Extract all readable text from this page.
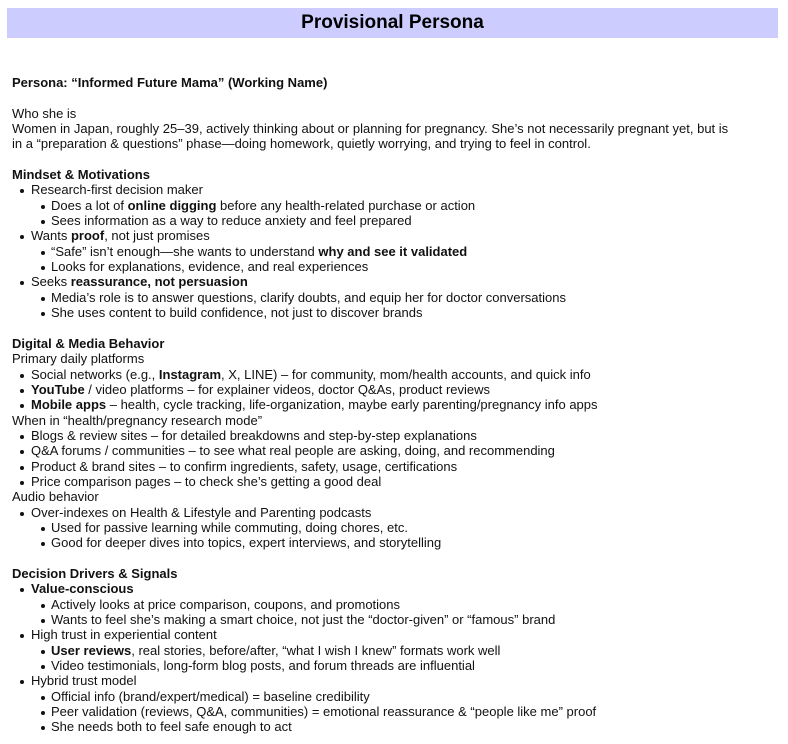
Provisional Persona
Persona: “Informed Future Mama” (Working Name)
Who she is
Women in Japan, roughly 25–39, actively thinking about or planning for pregnancy. She’s not necessarily pregnant yet, but is
in a “preparation & questions” phase—doing homework, quietly worrying, and trying to feel in control.
Mindset & Motivations
Research-first decision maker
Does a lot of online digging before any health-related purchase or action
Sees information as a way to reduce anxiety and feel prepared
Wants proof, not just promises
“Safe” isn’t enough—she wants to understand why and see it validated
Looks for explanations, evidence, and real experiences
Seeks reassurance, not persuasion
Media’s role is to answer questions, clarify doubts, and equip her for doctor conversations
She uses content to build confidence, not just to discover brands
Digital & Media Behavior
Primary daily platforms
Social networks (e.g., Instagram, X, LINE) – for community, mom/health accounts, and quick info
YouTube / video platforms – for explainer videos, doctor Q&As, product reviews
Mobile apps – health, cycle tracking, life-organization, maybe early parenting/pregnancy info apps
When in “health/pregnancy research mode”
Blogs & review sites – for detailed breakdowns and step-by-step explanations
Q&A forums / communities – to see what real people are asking, doing, and recommending
Product & brand sites – to confirm ingredients, safety, usage, certifications
Price comparison pages – to check she’s getting a good deal
Audio behavior
Over-indexes on Health & Lifestyle and Parenting podcasts
Used for passive learning while commuting, doing chores, etc.
Good for deeper dives into topics, expert interviews, and storytelling
Decision Drivers & Signals
Value-conscious
Actively looks at price comparison, coupons, and promotions
Wants to feel she’s making a smart choice, not just the “doctor-given” or “famous” brand
High trust in experiential content
User reviews, real stories, before/after, “what I wish I knew” formats work well
Video testimonials, long-form blog posts, and forum threads are influential
Hybrid trust model
Official info (brand/expert/medical) = baseline credibility
Peer validation (reviews, Q&A, communities) = emotional reassurance & “people like me” proof
She needs both to feel safe enough to act
